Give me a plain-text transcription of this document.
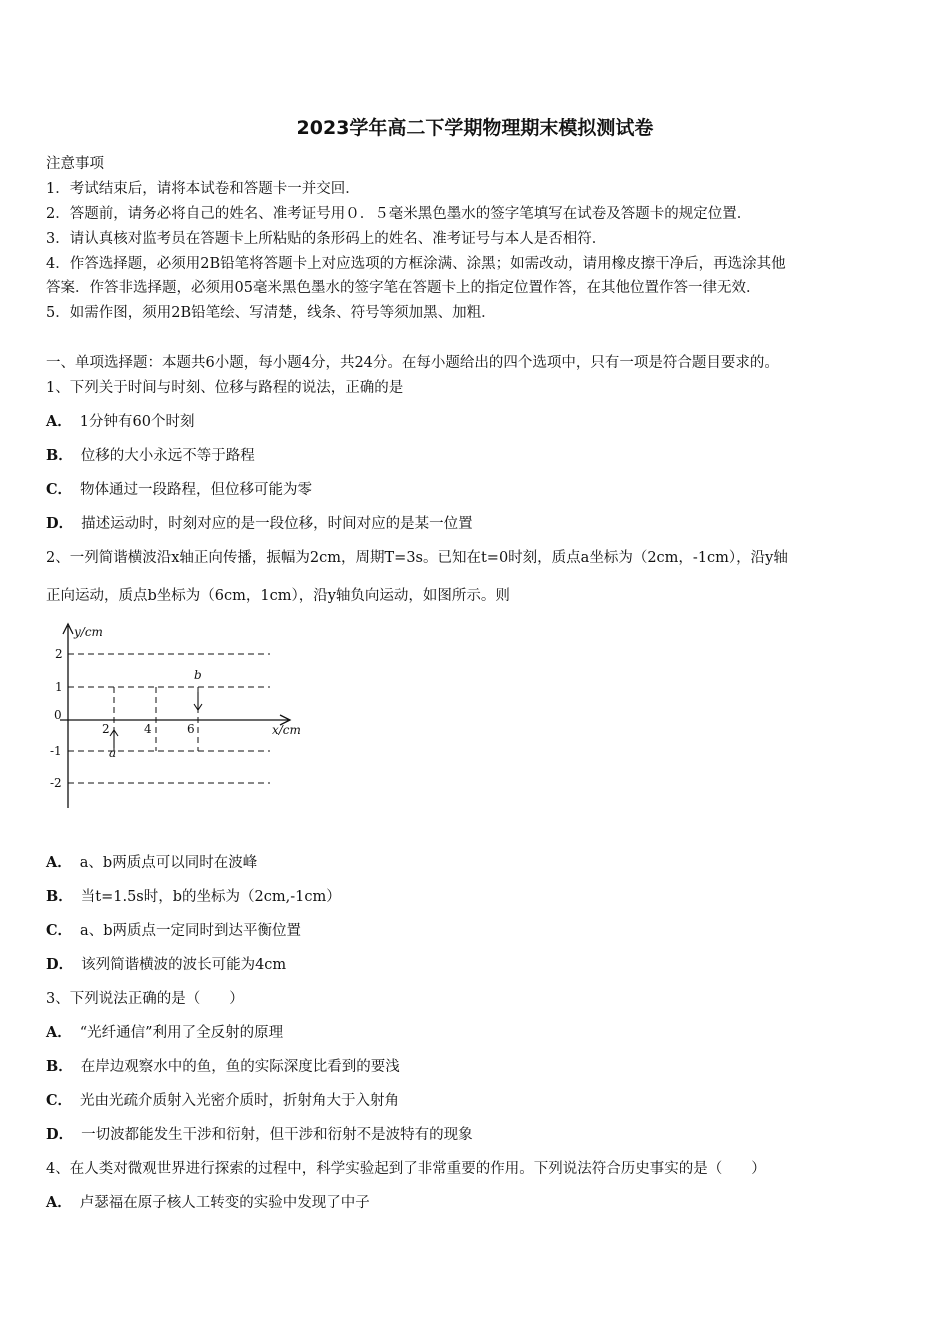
2023学年高二下学期物理期末模拟测试卷
注意事项
1．考试结束后，请将本试卷和答题卡一并交回．
2．答题前，请务必将自己的姓名、准考证号用０．５毫米黑色墨水的签字笔填写在试卷及答题卡的规定位置．
3．请认真核对监考员在答题卡上所粘贴的条形码上的姓名、准考证号与本人是否相符．
4．作答选择题，必须用2B铅笔将答题卡上对应选项的方框涂满、涂黑；如需改动，请用橡皮擦干净后，再选涂其他
答案．作答非选择题，必须用05毫米黑色墨水的签字笔在答题卡上的指定位置作答，在其他位置作答一律无效．
5．如需作图，须用2B铅笔绘、写清楚，线条、符号等须加黑、加粗．
一、单项选择题：本题共6小题，每小题4分，共24分。在每小题给出的四个选项中，只有一项是符合题目要求的。
1、下列关于时间与时刻、位移与路程的说法，正确的是
A． 1分钟有60个时刻
B． 位移的大小永远不等于路程
C． 物体通过一段路程，但位移可能为零
D． 描述运动时，时刻对应的是一段位移，时间对应的是某一位置
2、一列简谐横波沿x轴正向传播，振幅为2cm，周期T=3s。已知在t=0时刻，质点a坐标为（2cm，-1cm），沿y轴
正向运动，质点b坐标为（6cm，1cm），沿y轴负向运动，如图所示。则
y/cm
x/cm
0
2
1
-1
-2
2	4	6
a
b
A． a、b两质点可以同时在波峰
B． 当t=1.5s时，b的坐标为（2cm,-1cm）
C． a、b两质点一定同时到达平衡位置
D． 该列简谐横波的波长可能为4cm
3、下列说法正确的是（　　）
A． “光纤通信”利用了全反射的原理
B． 在岸边观察水中的鱼，鱼的实际深度比看到的要浅
C． 光由光疏介质射入光密介质时，折射角大于入射角
D． 一切波都能发生干涉和衍射，但干涉和衍射不是波特有的现象
4、在人类对微观世界进行探索的过程中，科学实验起到了非常重要的作用。下列说法符合历史事实的是（　　）
A． 卢瑟福在原子核人工转变的实验中发现了中子
